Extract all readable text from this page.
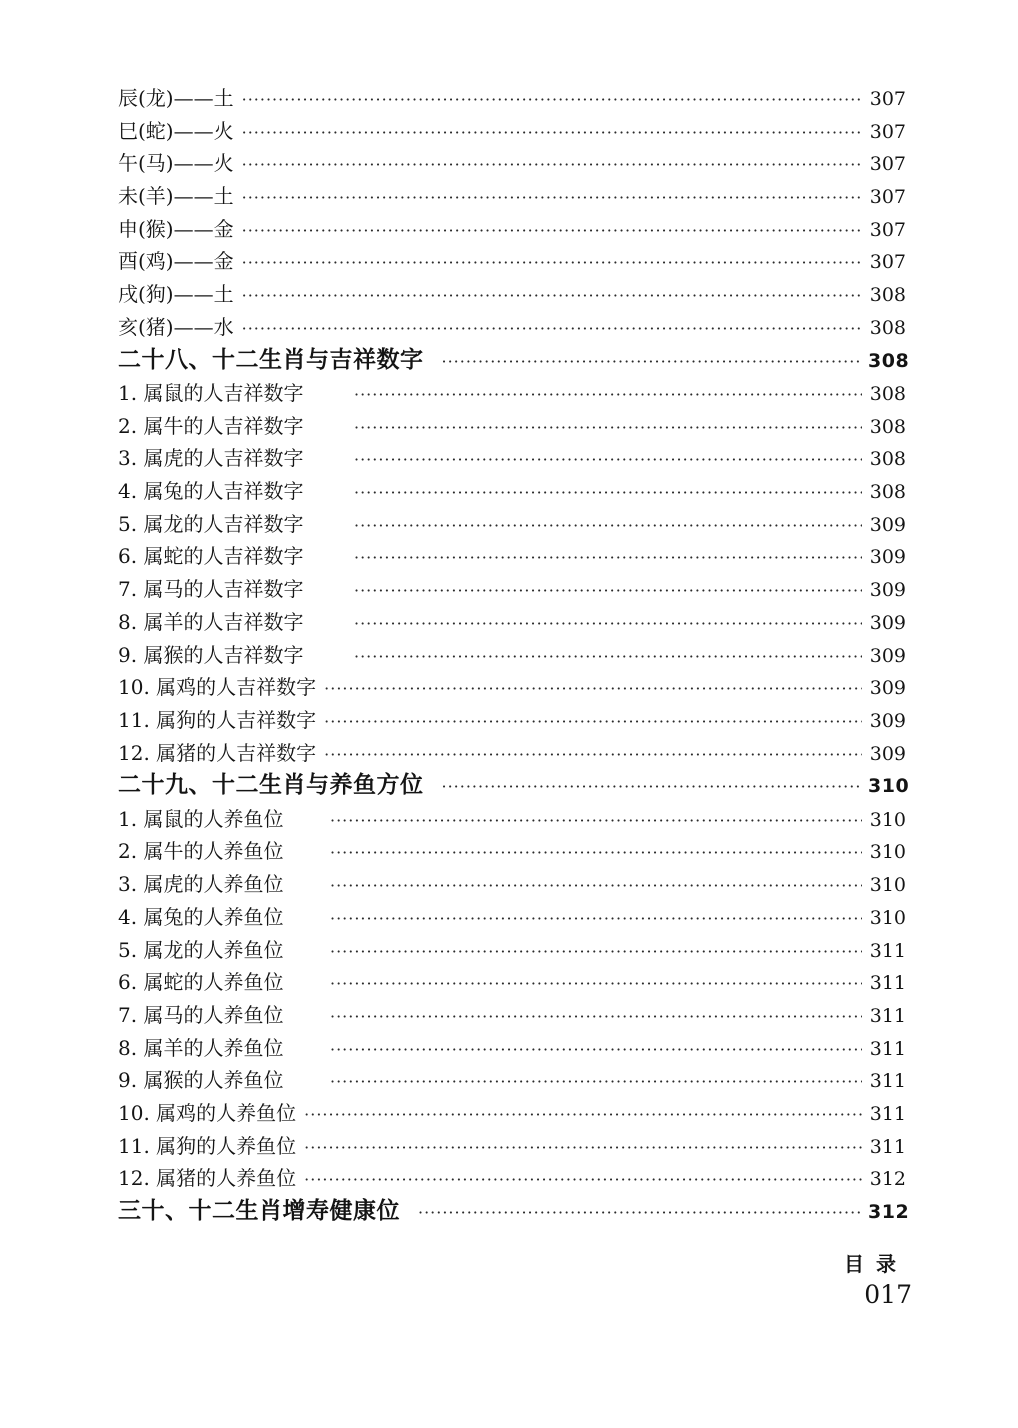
辰(龙)——土 ·····	307
巳(蛇)——火 ·····	307
午(马)——火 ·····	307
未(羊)——土 ·····	307
申(猴)——金 ·····	307
酉(鸡)——金 ·····	307
戌(狗)——土 ·····	308
亥(猪)——水 ·····	308
二十八、十二生肖与吉祥数字 ·····	308
1. 属鼠的人吉祥数字 ·····	308
2. 属牛的人吉祥数字 ·····	308
3. 属虎的人吉祥数字 ·····	308
4. 属兔的人吉祥数字 ·····	308
5. 属龙的人吉祥数字 ·····	309
6. 属蛇的人吉祥数字 ·····	309
7. 属马的人吉祥数字 ·····	309
8. 属羊的人吉祥数字 ·····	309
9. 属猴的人吉祥数字 ·····	309
10. 属鸡的人吉祥数字 ·····	309
11. 属狗的人吉祥数字 ·····	309
12. 属猪的人吉祥数字 ·····	309
二十九、十二生肖与养鱼方位 ·····	310
1. 属鼠的人养鱼位 ·····	310
2. 属牛的人养鱼位 ·····	310
3. 属虎的人养鱼位 ·····	310
4. 属兔的人养鱼位 ·····	310
5. 属龙的人养鱼位 ·····	311
6. 属蛇的人养鱼位 ·····	311
7. 属马的人养鱼位 ·····	311
8. 属羊的人养鱼位 ·····	311
9. 属猴的人养鱼位 ·····	311
10. 属鸡的人养鱼位 ·····	311
11. 属狗的人养鱼位 ·····	311
12. 属猪的人养鱼位 ·····	312
三十、十二生肖增寿健康位 ·····	312
目录
017
